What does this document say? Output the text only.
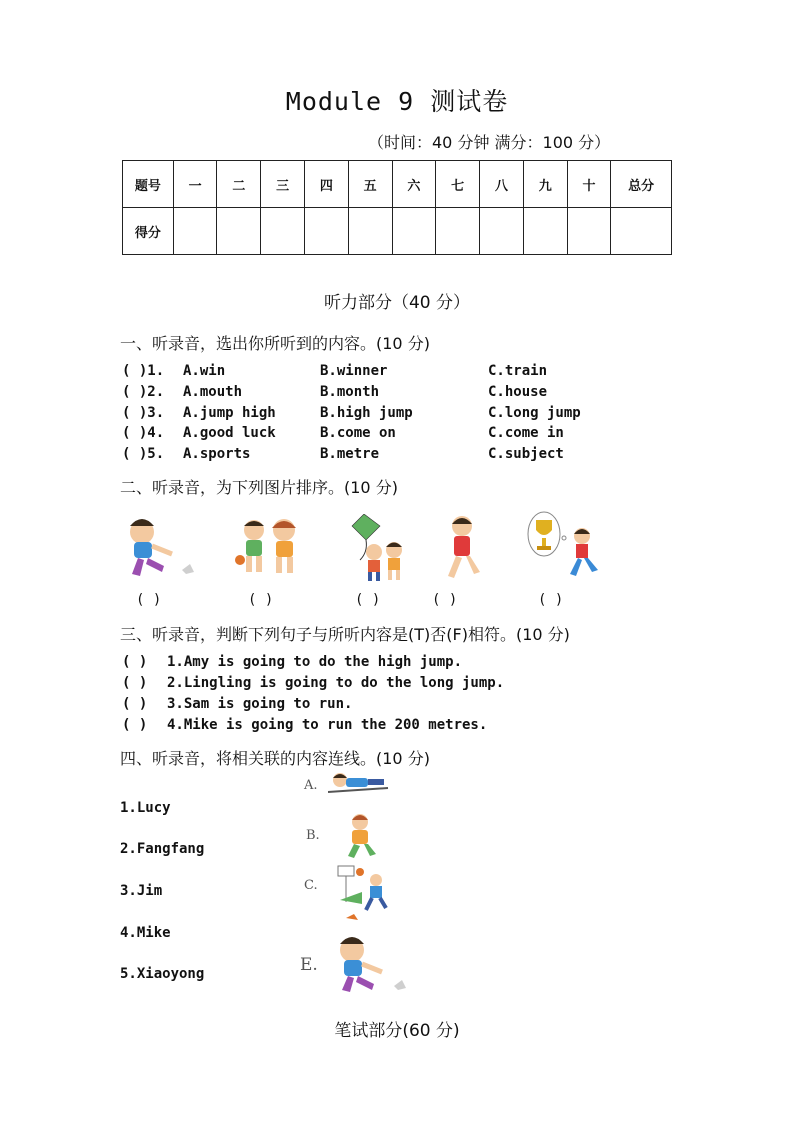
Module 9 测试卷
（时间：40 分钟 满分：100 分）
题号	一	二	三	四	五	六	七	八	九	十	总分
得分											
听力部分（40 分）
一、听录音，选出你所听到的内容。(10 分)
( )1. A.win	B.winner	C.train
( )2. A.mouth	B.month	C.house
( )3. A.jump high	B.high jump	C.long jump
( )4. A.good luck	B.come on	C.come in
( )5. A.sports	B.metre	C.subject
二、听录音，为下列图片排序。(10 分)
( )	( )	( )	( )	( )
三、听录音，判断下列句子与所听内容是(T)否(F)相符。(10 分)
( ) 1.Amy is going to do the high jump.
( ) 2.Lingling is going to do the long jump.
( ) 3.Sam is going to run.
( ) 4.Mike is going to run the 200 metres.
四、听录音，将相关联的内容连线。(10 分)
1.Lucy
2.Fangfang
3.Jim
4.Mike
5.Xiaoyong
A.
B.
C.
E.
笔试部分(60 分)
